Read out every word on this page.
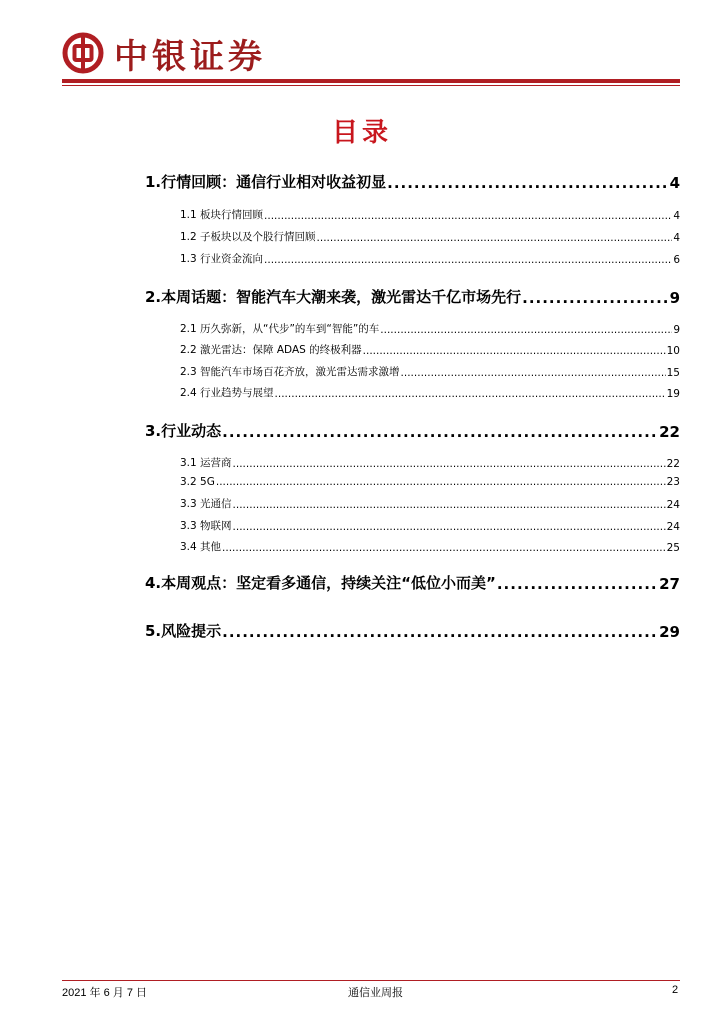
中银证券
目录
1.行情回顾：通信行业相对收益初显 .....	4
1.1 板块行情回顾 .....	4
1.2 子板块以及个股行情回顾 .....	4
1.3 行业资金流向 .....	6
2.本周话题：智能汽车大潮来袭，激光雷达千亿市场先行 .....	9
2.1 历久弥新，从“代步”的车到“智能”的车 .....	9
2.2 激光雷达：保障 ADAS 的终极利器 .....	10
2.3 智能汽车市场百花齐放，激光雷达需求激增 .....	15
2.4 行业趋势与展望 .....	19
3.行业动态 .....	22
3.1 运营商 .....	22
3.2 5G .....	23
3.3 光通信 .....	24
3.3 物联网 .....	24
3.4 其他 .....	25
4.本周观点：坚定看多通信，持续关注“低位小而美” .....	27
5.风险提示 .....	29
2021 年 6 月 7 日	通信业周报	2
